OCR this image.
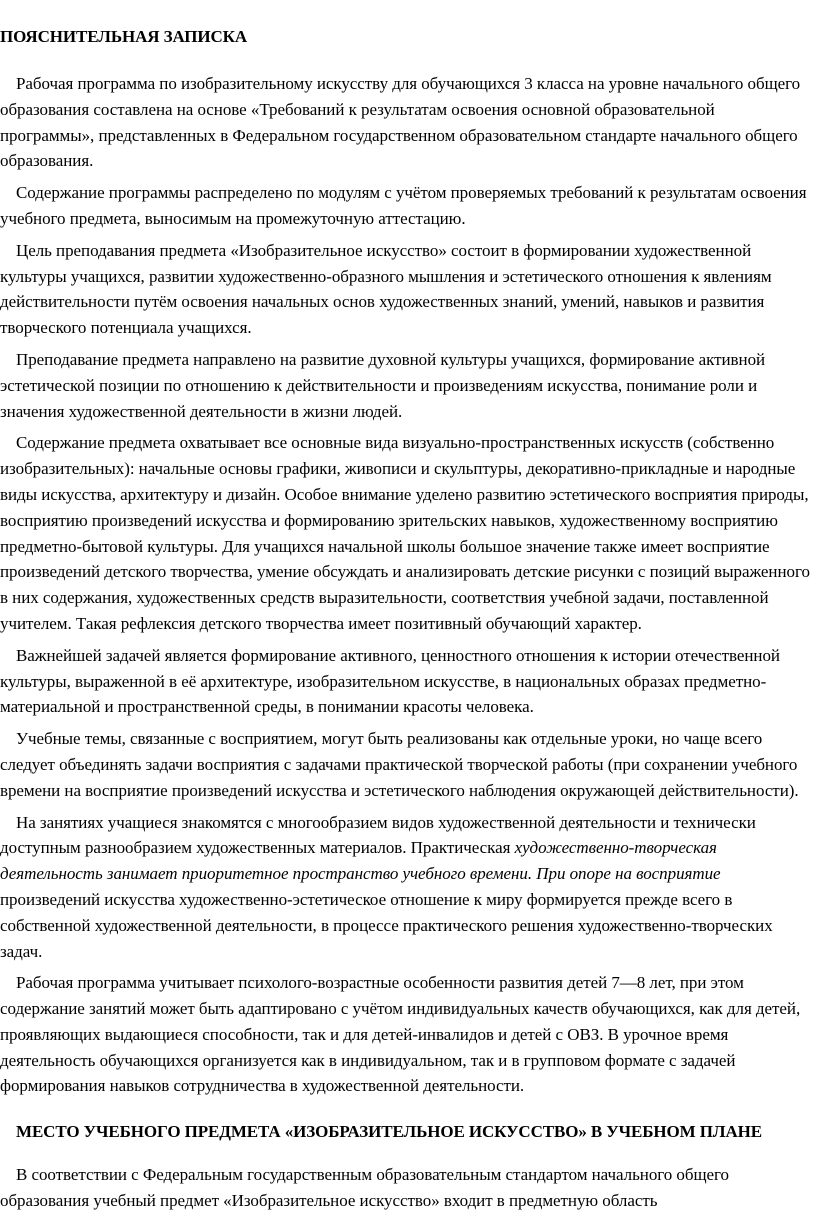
ПОЯСНИТЕЛЬНАЯ ЗАПИСКА

Рабочая программа по изобразительному искусству для обучающихся 3 класса на уровне начального общего образования составлена на основе «Требований к результатам освоения основной образовательной программы», представленных в Федеральном государственном образовательном стандарте начального общего образования.

Содержание программы распределено по модулям с учётом проверяемых требований к результатам освоения учебного предмета, выносимым на промежуточную аттестацию.

Цель преподавания предмета «Изобразительное искусство» состоит в формировании художественной культуры учащихся, развитии художественно-образного мышления и эстетического отношения к явлениям действительности путём освоения начальных основ художественных знаний, умений, навыков и развития творческого потенциала учащихся.

Преподавание предмета направлено на развитие духовной культуры учащихся, формирование активной эстетической позиции по отношению к действительности и произведениям искусства, понимание роли и значения художественной деятельности в жизни людей.

Содержание предмета охватывает все основные вида визуально-пространственных искусств (собственно изобразительных): начальные основы графики, живописи и скульптуры, декоративно-прикладные и народные виды искусства, архитектуру и дизайн. Особое внимание уделено развитию эстетического восприятия природы, восприятию произведений искусства и формированию зрительских навыков, художественному восприятию предметно-бытовой культуры. Для учащихся начальной школы большое значение также имеет восприятие произведений детского творчества, умение обсуждать и анализировать детские рисунки с позиций выраженного в них содержания, художественных средств выразительности, соответствия учебной задачи, поставленной учителем. Такая рефлексия детского творчества имеет позитивный обучающий характер.

Важнейшей задачей является формирование активного, ценностного отношения к истории отечественной культуры, выраженной в её архитектуре, изобразительном искусстве, в национальных образах предметно-материальной и пространственной среды, в понимании красоты человека.

Учебные темы, связанные с восприятием, могут быть реализованы как отдельные уроки, но чаще всего следует объединять задачи восприятия с задачами практической творческой работы (при сохранении учебного времени на восприятие произведений искусства и эстетического наблюдения окружающей действительности).

На занятиях учащиеся знакомятся с многообразием видов художественной деятельности и технически доступным разнообразием художественных материалов. Практическая художественно-творческая деятельность занимает приоритетное пространство учебного времени. При опоре на восприятие произведений искусства художественно-эстетическое отношение к миру формируется прежде всего в собственной художественной деятельности, в процессе практического решения художественно-творческих задач.

Рабочая программа учитывает психолого-возрастные особенности развития детей 7—8 лет, при этом содержание занятий может быть адаптировано с учётом индивидуальных качеств обучающихся, как для детей, проявляющих выдающиеся способности, так и для детей-инвалидов и детей с ОВЗ. В урочное время деятельность обучающихся организуется как в индивидуальном, так и в групповом формате с задачей формирования навыков сотрудничества в художественной деятельности.

МЕСТО УЧЕБНОГО ПРЕДМЕТА «ИЗОБРАЗИТЕЛЬНОЕ ИСКУССТВО» В УЧЕБНОМ ПЛАНЕ

В соответствии с Федеральным государственным образовательным стандартом начального общего образования учебный предмет «Изобразительное искусство» входит в предметную область
